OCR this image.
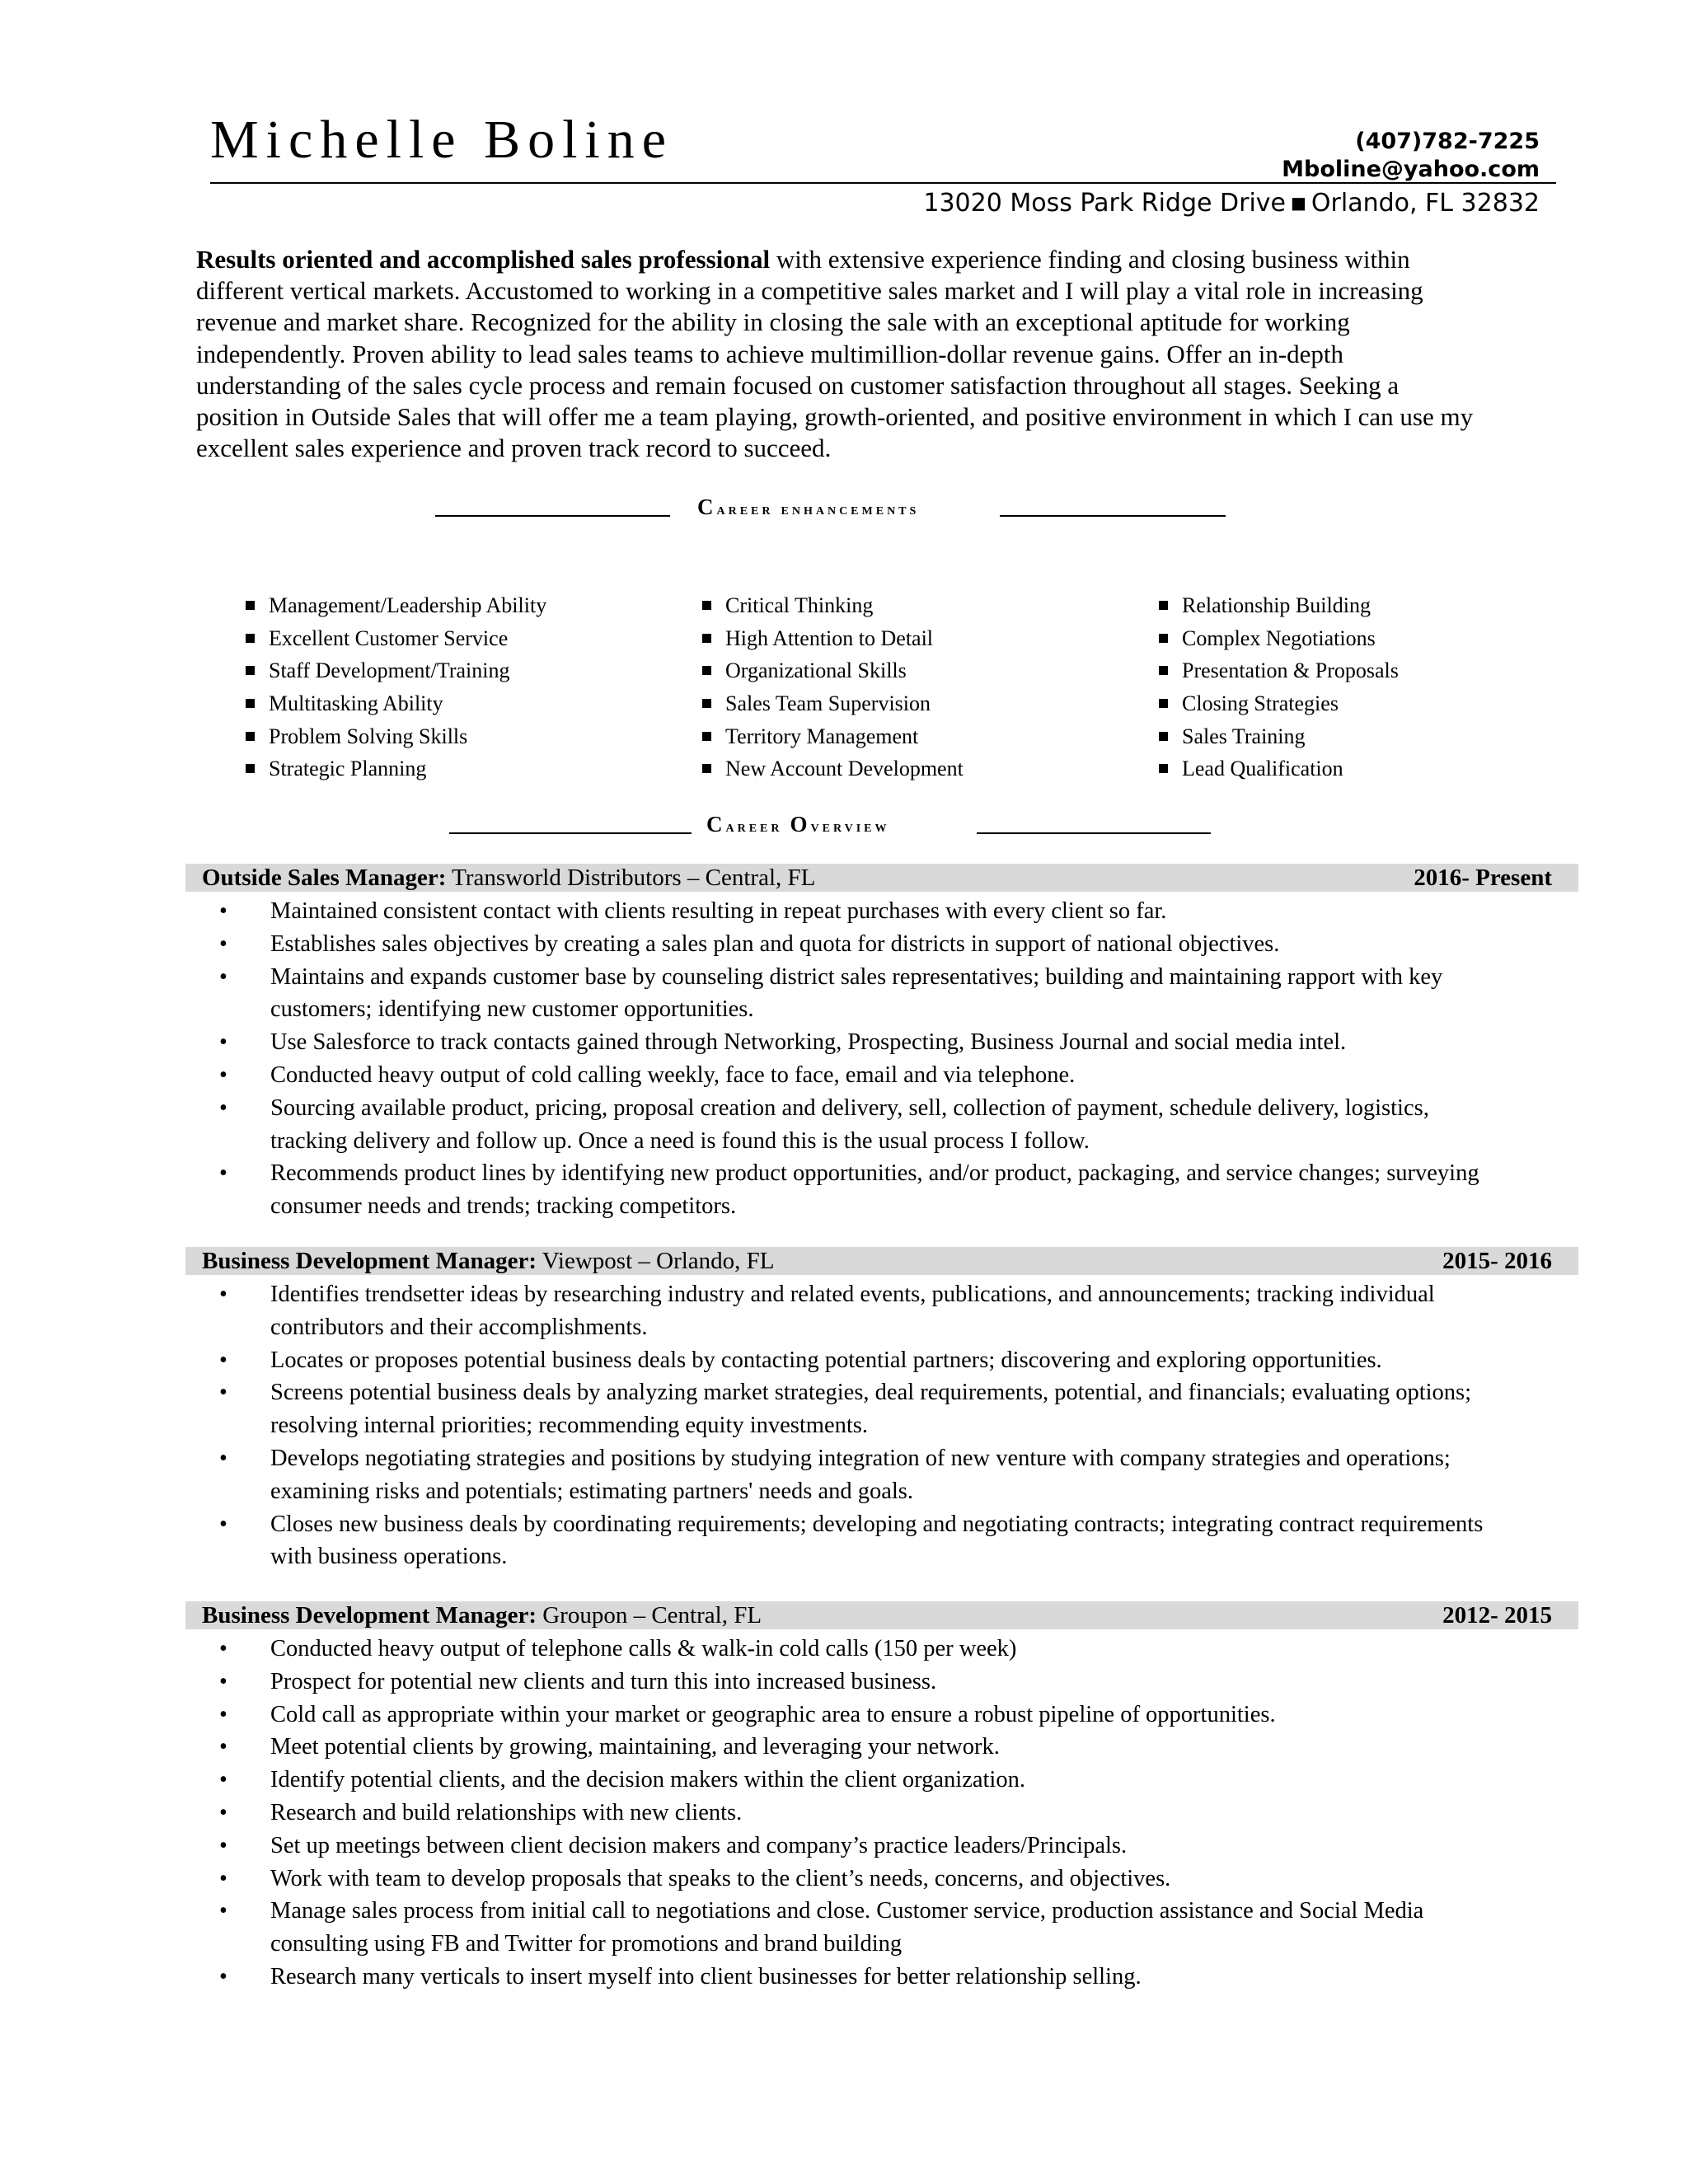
Michelle Boline	(407)782-7225
Mboline@yahoo.com
13020 Moss Park Ridge Drive ■ Orlando, FL 32832
Results oriented and accomplished sales professional with extensive experience finding and closing business within different vertical markets. Accustomed to working in a competitive sales market and I will play a vital role in increasing revenue and market share. Recognized for the ability in closing the sale with an exceptional aptitude for working independently. Proven ability to lead sales teams to achieve multimillion-dollar revenue gains. Offer an in-depth understanding of the sales cycle process and remain focused on customer satisfaction throughout all stages. Seeking a position in Outside Sales that will offer me a team playing, growth-oriented, and positive environment in which I can use my excellent sales experience and proven track record to succeed.
Career enhancements
Management/Leadership Ability
Excellent Customer Service
Staff Development/Training
Multitasking Ability
Problem Solving Skills
Strategic Planning
Critical Thinking
High Attention to Detail
Organizational Skills
Sales Team Supervision
Territory Management
New Account Development
Relationship Building
Complex Negotiations
Presentation & Proposals
Closing Strategies
Sales Training
Lead Qualification
Career Overview
Outside Sales Manager: Transworld Distributors – Central, FL	2016- Present
• Maintained consistent contact with clients resulting in repeat purchases with every client so far.
• Establishes sales objectives by creating a sales plan and quota for districts in support of national objectives.
• Maintains and expands customer base by counseling district sales representatives; building and maintaining rapport with key customers; identifying new customer opportunities.
• Use Salesforce to track contacts gained through Networking, Prospecting, Business Journal and social media intel.
• Conducted heavy output of cold calling weekly, face to face, email and via telephone.
• Sourcing available product, pricing, proposal creation and delivery, sell, collection of payment, schedule delivery, logistics, tracking delivery and follow up. Once a need is found this is the usual process I follow.
• Recommends product lines by identifying new product opportunities, and/or product, packaging, and service changes; surveying consumer needs and trends; tracking competitors.
Business Development Manager: Viewpost – Orlando, FL	2015- 2016
• Identifies trendsetter ideas by researching industry and related events, publications, and announcements; tracking individual contributors and their accomplishments.
• Locates or proposes potential business deals by contacting potential partners; discovering and exploring opportunities.
• Screens potential business deals by analyzing market strategies, deal requirements, potential, and financials; evaluating options; resolving internal priorities; recommending equity investments.
• Develops negotiating strategies and positions by studying integration of new venture with company strategies and operations; examining risks and potentials; estimating partners' needs and goals.
• Closes new business deals by coordinating requirements; developing and negotiating contracts; integrating contract requirements with business operations.
Business Development Manager: Groupon – Central, FL	2012- 2015
• Conducted heavy output of telephone calls & walk-in cold calls (150 per week)
• Prospect for potential new clients and turn this into increased business.
• Cold call as appropriate within your market or geographic area to ensure a robust pipeline of opportunities.
• Meet potential clients by growing, maintaining, and leveraging your network.
• Identify potential clients, and the decision makers within the client organization.
• Research and build relationships with new clients.
• Set up meetings between client decision makers and company’s practice leaders/Principals.
• Work with team to develop proposals that speaks to the client’s needs, concerns, and objectives.
• Manage sales process from initial call to negotiations and close. Customer service, production assistance and Social Media consulting using FB and Twitter for promotions and brand building
• Research many verticals to insert myself into client businesses for better relationship selling.
